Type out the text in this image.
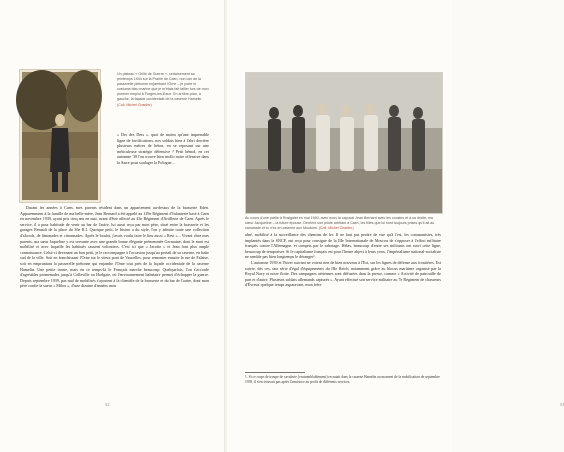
Un plateau « Grillé de Guerre », certainement au printemps 1944 sur la Prairie de Caen, non loin de la passerelle piétonne enjambant l'Orne – je porte le costume bleu marine que je m'étais fait tailler lors de mon premier emploi à Forges-les-Eaux. En arrière-plan, à gauche, la façade occidentale de la caserne Hamelin. (Coll. Michel Chartier)

« Der des Ders », quoi de moins qu'une imprenable ligne de fortifications, nos soldats bien à l'abri derrière plusieurs mètres de béton, en se reposant sur une méticuleuse stratégie défensive ? Petit bémol, en cet automne '39 l'on trouve bien mollo notre offensive dans la Sarre pour soulager la Pologne…

Durant les années à Caen, mes parents résident dans un appartement au-dessus de la brasserie Eden. Apparemment à la famille de ma belle-mère, Jean Bernard a été appelé au 129e Régiment d'Infanterie basé à Caen en novembre 1939, ayant pris cinq ans en mai, avant d'être affecté au 43e Régiment d'Artillerie de Caen. Après le service, il a pour habitude de venir au bar de l'autre, lui aussi reçu par mon père, situé entre la brasserie et les garages Renault de la place du 36e R.I. Quoique petit, le bistrot a du style, l'on y admire toute une collection d'alcools, de limonades et citronnades. Après le boulot, j'avais voulu faire le lieu aussi « Rest »... Vivant chez mes parents, ma sœur Jaqueline y est servante avec une grande brune élégante prénommée Germaine, dont le mari est mobilisé et avec laquelle les habitués causent volontiers. C'est ici que « Jacotte » et Jean font plus ample connaissance. Celui-ci devenant un bon petit, je le raccompagne à l'occasion jusqu'au portail de sa caserne, en haïte sud de la ville. Soit en franchissant l'Orne sur le vieux pont de Vaucelles, pour remonter ensuite la rue de Falaise, soit en empruntant la passerelle piétonne qui enjambe l'Orne tout près de la façade occidentale de la caserne Hamelin. Une petite ironie, mais en ce temps-là le Français marche beaucoup. Quelquefois, l'on s'accorde d'agréables promenades jusqu'à Colleville ou Hodgate, où l'environnement balnéaire permet d'échapper la guerre. Depuis septembre 1939, pas mal de mobilisés s'ajoutent à la clientèle de la brasserie et du bar de l'autre, dont mon père confie la sueur « Milou », d'une dizaine d'années mon

52
Au cours d'une partie à Rosigalet en mai 1940, avec nous la capucal Jean Bernard avec les cousins et à sa droite, ma sœur Jacqueline – la future épouse. Derrière son pilote arrêtant à Caen, les filles que lui sont toujours prises qu'il ait au camarade et tu n'es en caserne aux Moutons. (Coll. Michel Chartier)

aîné, mobilisé à la surveillance des chemins de fer. Il ne faut pas perdre de vue qu'à l'est, les communistes, très implantés dans la SNCF, ont reçu pour consigne de la IIIe Internationale de Moscou de s'opposer à l'effort militaire français contre l'Allemagne, et compris par le sabotage. Hélas, beaucoup d'entre ses militants ont suivi cette ligne, beaucoup de temporiser. Si le capitalisme français est pour l'heure abject à leurs yeux, l'impérialisme national-socialiste ne semble pas bien longtemps le déranger¹.

L'automne 1939 et l'hiver suivant ne voient rien de bien nouveau à l'Est, sur les lignes de défense aux frontières. Est suivie, dès ces, une série d'égal d'équipements du IIIe Reich, notamment grâce au blocus maritime organisé par la Royal Navy et notre flotte. Des campagnes aériennes sont diffusées dans la presse, comme « Activité de patrouille de part et d'autre. Plusieurs soldats allemands capturés ». Ayant effectué son service militaire au 7e Régiment de chasseurs d'Évreux quelque temps auparavant, mon frère

1. Si ce corps de troupe de cavalerie (vraisemblablement) recrutait dans la caserne Hamelin au moment de la mobilisation de septembre 1939, il n'en trouvait pas après l'armistice au profit de différents services.
53
